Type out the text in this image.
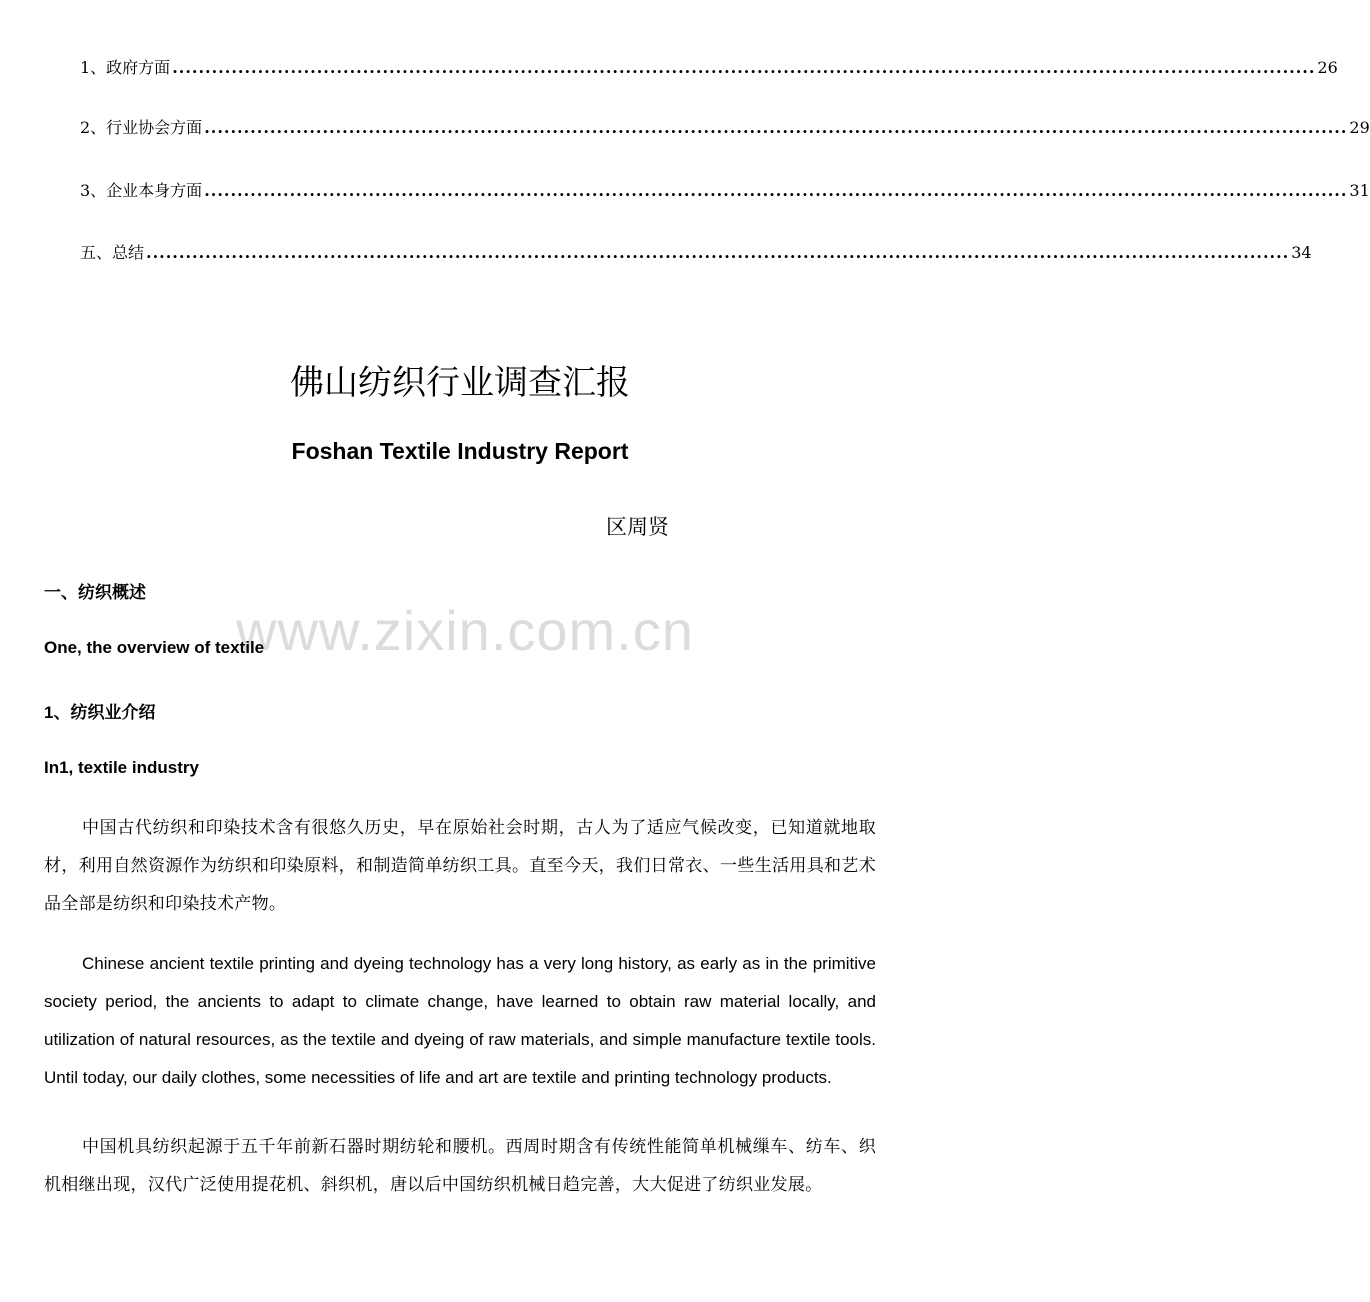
1、政府方面 .............................................................................................................................................................................. 26
2、行业协会方面 .............................................................................................................................................................................. 29
3、企业本身方面 .............................................................................................................................................................................. 31
五、总结 .............................................................................................................................................................................. 34
佛山纺织行业调查汇报
Foshan Textile Industry Report
区周贤
www.zixin.com.cn
一、纺织概述
One, the overview of textile
1、纺织业介绍
In1, textile industry

中国古代纺织和印染技术含有很悠久历史，早在原始社会时期，古人为了适应气候改变，已知道就地取材，利用自然资源作为纺织和印染原料，和制造简单纺织工具。直至今天，我们日常衣、一些生活用具和艺术品全部是纺织和印染技术产物。

Chinese ancient textile printing and dyeing technology has a very long history, as early as in the primitive society period, the ancients to adapt to climate change, have learned to obtain raw material locally, and utilization of natural resources, as the textile and dyeing of raw materials, and simple manufacture textile tools. Until today, our daily clothes, some necessities of life and art are textile and printing technology products.

中国机具纺织起源于五千年前新石器时期纺轮和腰机。西周时期含有传统性能简单机械缫车、纺车、织机相继出现，汉代广泛使用提花机、斜织机，唐以后中国纺织机械日趋完善，大大促进了纺织业发展。
